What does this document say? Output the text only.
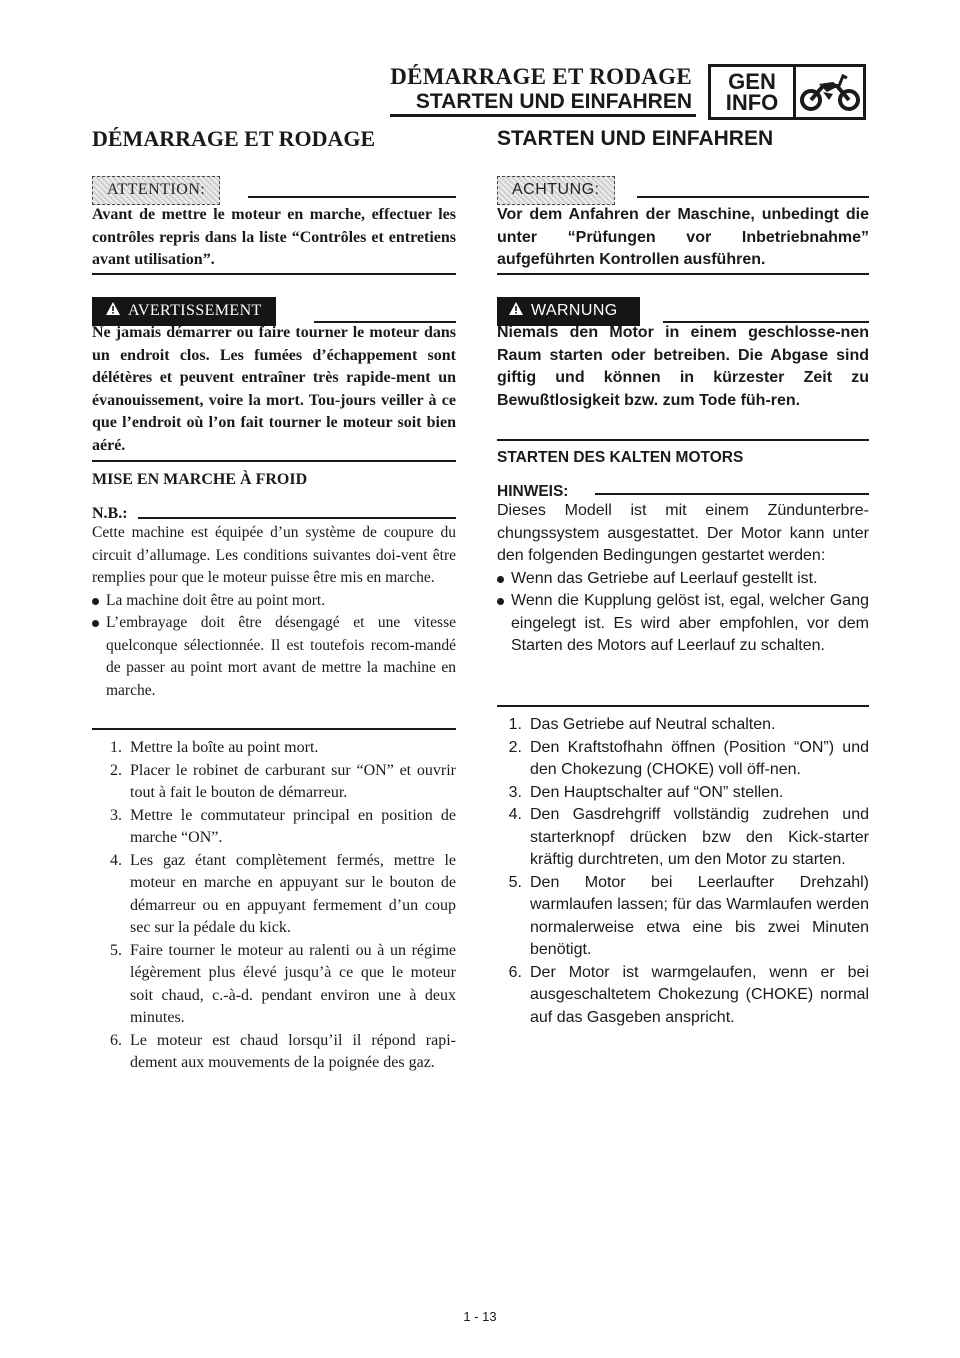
DÉMARRAGE ET RODAGE
STARTEN UND EINFAHREN
GEN
INFO
DÉMARRAGE ET RODAGE
ATTENTION:
Avant de mettre le moteur en marche, effectuer les contrôles repris dans la liste “Contrôles et entretiens avant utilisation”.
AVERTISSEMENT
Ne jamais démarrer ou faire tourner le moteur dans un endroit clos. Les fumées d’échappement sont délétères et peuvent entraîner très rapide-ment un évanouissement, voire la mort. Tou-jours veiller à ce que l’endroit où l’on fait tourner le moteur soit bien aéré.
MISE EN MARCHE À FROID
N.B.:
Cette machine est équipée d’un système de coupure du circuit d’allumage. Les conditions suivantes doi-vent être remplies pour que le moteur puisse être mis en marche.
La machine doit être au point mort.
L’embrayage doit être désengagé et une vitesse quelconque sélectionnée. Il est toutefois recom-mandé de passer au point mort avant de mettre la machine en marche.
1. Mettre la boîte au point mort.
2. Placer le robinet de carburant sur “ON” et ouvrir tout à fait le bouton de démarreur.
3. Mettre le commutateur principal en position de marche “ON”.
4. Les gaz étant complètement fermés, mettre le moteur en marche en appuyant sur le bouton de démarreur ou en appuyant fermement d’un coup sec sur la pédale du kick.
5. Faire tourner le moteur au ralenti ou à un régime légèrement plus élevé jusqu’à ce que le moteur soit chaud, c.-à-d. pendant environ une à deux minutes.
6. Le moteur est chaud lorsqu’il il répond rapi-dement aux mouvements de la poignée des gaz.
STARTEN UND EINFAHREN
ACHTUNG:
Vor dem Anfahren der Maschine, unbedingt die unter “Prüfungen vor Inbetriebnahme” aufgeführten Kontrollen ausführen.
WARNUNG
Niemals den Motor in einem geschlosse-nen Raum starten oder betreiben. Die Abgase sind giftig und können in kürzester Zeit zu Bewußtlosigkeit bzw. zum Tode füh-ren.
STARTEN DES KALTEN MOTORS
HINWEIS:
Dieses Modell ist mit einem Zündunterbre-chungssystem ausgestattet. Der Motor kann unter den folgenden Bedingungen gestartet werden:
Wenn das Getriebe auf Leerlauf gestellt ist.
Wenn die Kupplung gelöst ist, egal, welcher Gang eingelegt ist. Es wird aber empfohlen, vor dem Starten des Motors auf Leerlauf zu schalten.
1. Das Getriebe auf Neutral schalten.
2. Den Kraftstofhahn öffnen (Position “ON”) und den Chokezung (CHOKE) voll öff-nen.
3. Den Hauptschalter auf “ON” stellen.
4. Den Gasdrehgriff vollständig zudrehen und starterknopf drücken bzw den Kick-starter kräftig durchtreten, um den Motor zu starten.
5. Den Motor bei Leerlaufter Drehzahl) warmlaufen lassen; für das Warmlaufen werden normalerweise etwa eine bis zwei Minuten benötigt.
6. Der Motor ist warmgelaufen, wenn er bei ausgeschaltetem Chokezung (CHOKE) normal auf das Gasgeben anspricht.
1 - 13
